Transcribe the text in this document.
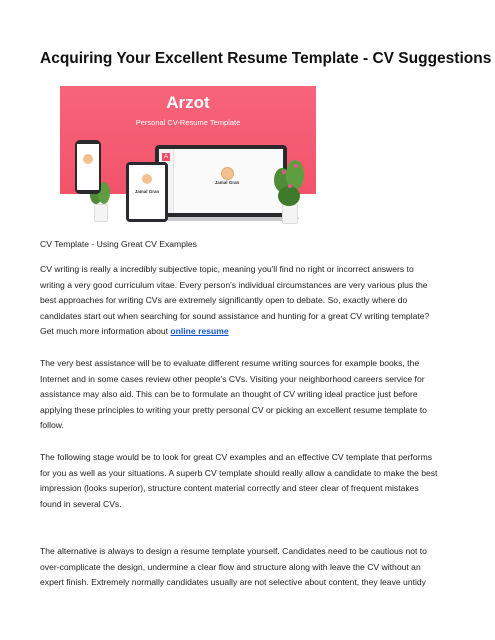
Acquiring Your Excellent Resume Template - CV Suggestions
Arzot
Personal CV-Resume Template
A
Jamal Gran
Jamal Gran
CV Template - Using Great CV Examples
CV writing is really a incredibly subjective topic, meaning you'll find no right or incorrect answers to
writing a very good curriculum vitae. Every person's individual circumstances are very various plus the
best approaches for writing CVs are extremely significantly open to debate. So, exactly where do
candidates start out when searching for sound assistance and hunting for a great CV writing template?
Get much more information about online resume
The very best assistance will be to evaluate different resume writing sources for example books, the
Internet and in some cases review other people's CVs. Visiting your neighborhood careers service for
assistance may also aid. This can be to formulate an thought of CV writing ideal practice just before
applying these principles to writing your pretty personal CV or picking an excellent resume template to
follow.
The following stage would be to look for great CV examples and an effective CV template that performs
for you as well as your situations. A superb CV template should really allow a candidate to make the best
impression (looks superior), structure content material correctly and steer clear of frequent mistakes
found in several CVs.
The alternative is always to design a resume template yourself. Candidates need to be cautious not to
over-complicate the design, undermine a clear flow and structure along with leave the CV without an
expert finish. Extremely normally candidates usually are not selective about content, they leave untidy
